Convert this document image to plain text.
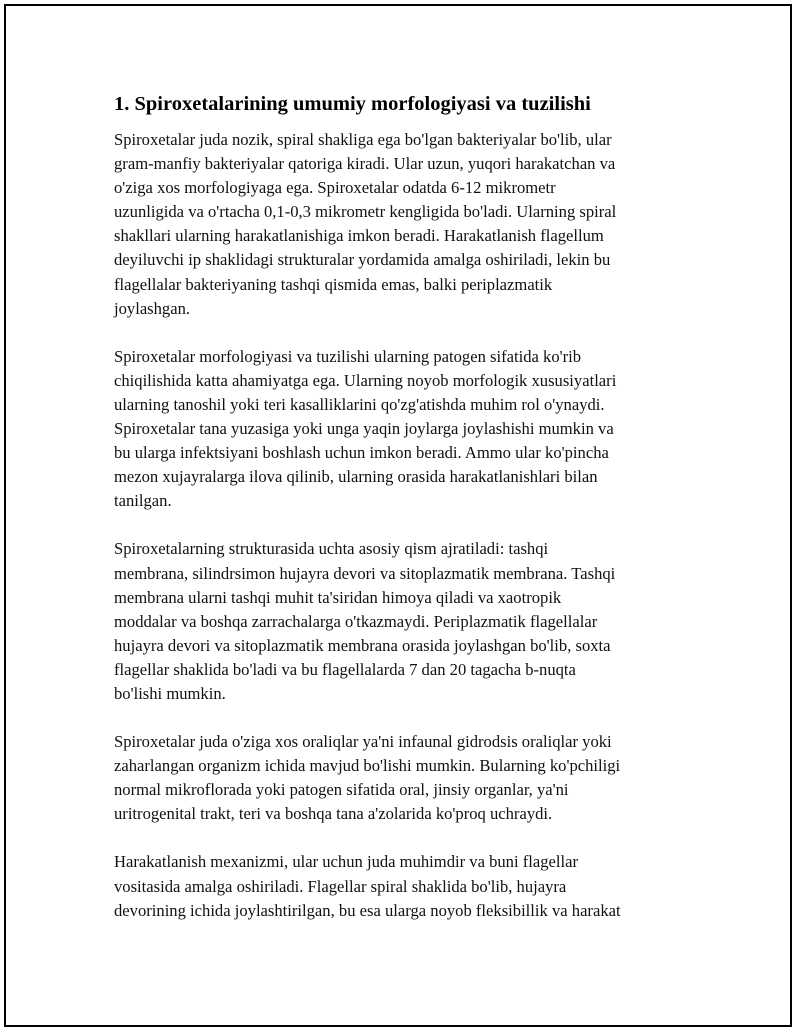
1. Spiroxetalarining umumiy morfologiyasi va tuzilishi
Spiroxetalar juda nozik, spiral shakliga ega bo'lgan bakteriyalar bo'lib, ular
gram-manfiy bakteriyalar qatoriga kiradi. Ular uzun, yuqori harakatchan va
o'ziga xos morfologiyaga ega. Spiroxetalar odatda 6-12 mikrometr
uzunligida va o'rtacha 0,1-0,3 mikrometr kengligida bo'ladi. Ularning spiral
shakllari ularning harakatlanishiga imkon beradi. Harakatlanish flagellum
deyiluvchi ip shaklidagi strukturalar yordamida amalga oshiriladi, lekin bu
flagellalar bakteriyaning tashqi qismida emas, balki periplazmatik
joylashgan.
Spiroxetalar morfologiyasi va tuzilishi ularning patogen sifatida ko'rib
chiqilishida katta ahamiyatga ega. Ularning noyob morfologik xususiyatlari
ularning tanoshil yoki teri kasalliklarini qo'zg'atishda muhim rol o'ynaydi.
Spiroxetalar tana yuzasiga yoki unga yaqin joylarga joylashishi mumkin va
bu ularga infektsiyani boshlash uchun imkon beradi. Ammo ular ko'pincha
mezon xujayralarga ilova qilinib, ularning orasida harakatlanishlari bilan
tanilgan.
Spiroxetalarning strukturasida uchta asosiy qism ajratiladi: tashqi
membrana, silindrsimon hujayra devori va sitoplazmatik membrana. Tashqi
membrana ularni tashqi muhit ta'siridan himoya qiladi va xaotropik
moddalar va boshqa zarrachalarga o'tkazmaydi. Periplazmatik flagellalar
hujayra devori va sitoplazmatik membrana orasida joylashgan bo'lib, soxta
flagellar shaklida bo'ladi va bu flagellalarda 7 dan 20 tagacha b-nuqta
bo'lishi mumkin.
Spiroxetalar juda o'ziga xos oraliqlar ya'ni infaunal gidrodsis oraliqlar yoki
zaharlangan organizm ichida mavjud bo'lishi mumkin. Bularning ko'pchiligi
normal mikroflorada yoki patogen sifatida oral, jinsiy organlar, ya'ni
uritrogenital trakt, teri va boshqa tana a'zolarida ko'proq uchraydi.
Harakatlanish mexanizmi, ular uchun juda muhimdir va buni flagellar
vositasida amalga oshiriladi. Flagellar spiral shaklida bo'lib, hujayra
devorining ichida joylashtirilgan, bu esa ularga noyob fleksibillik va harakat
